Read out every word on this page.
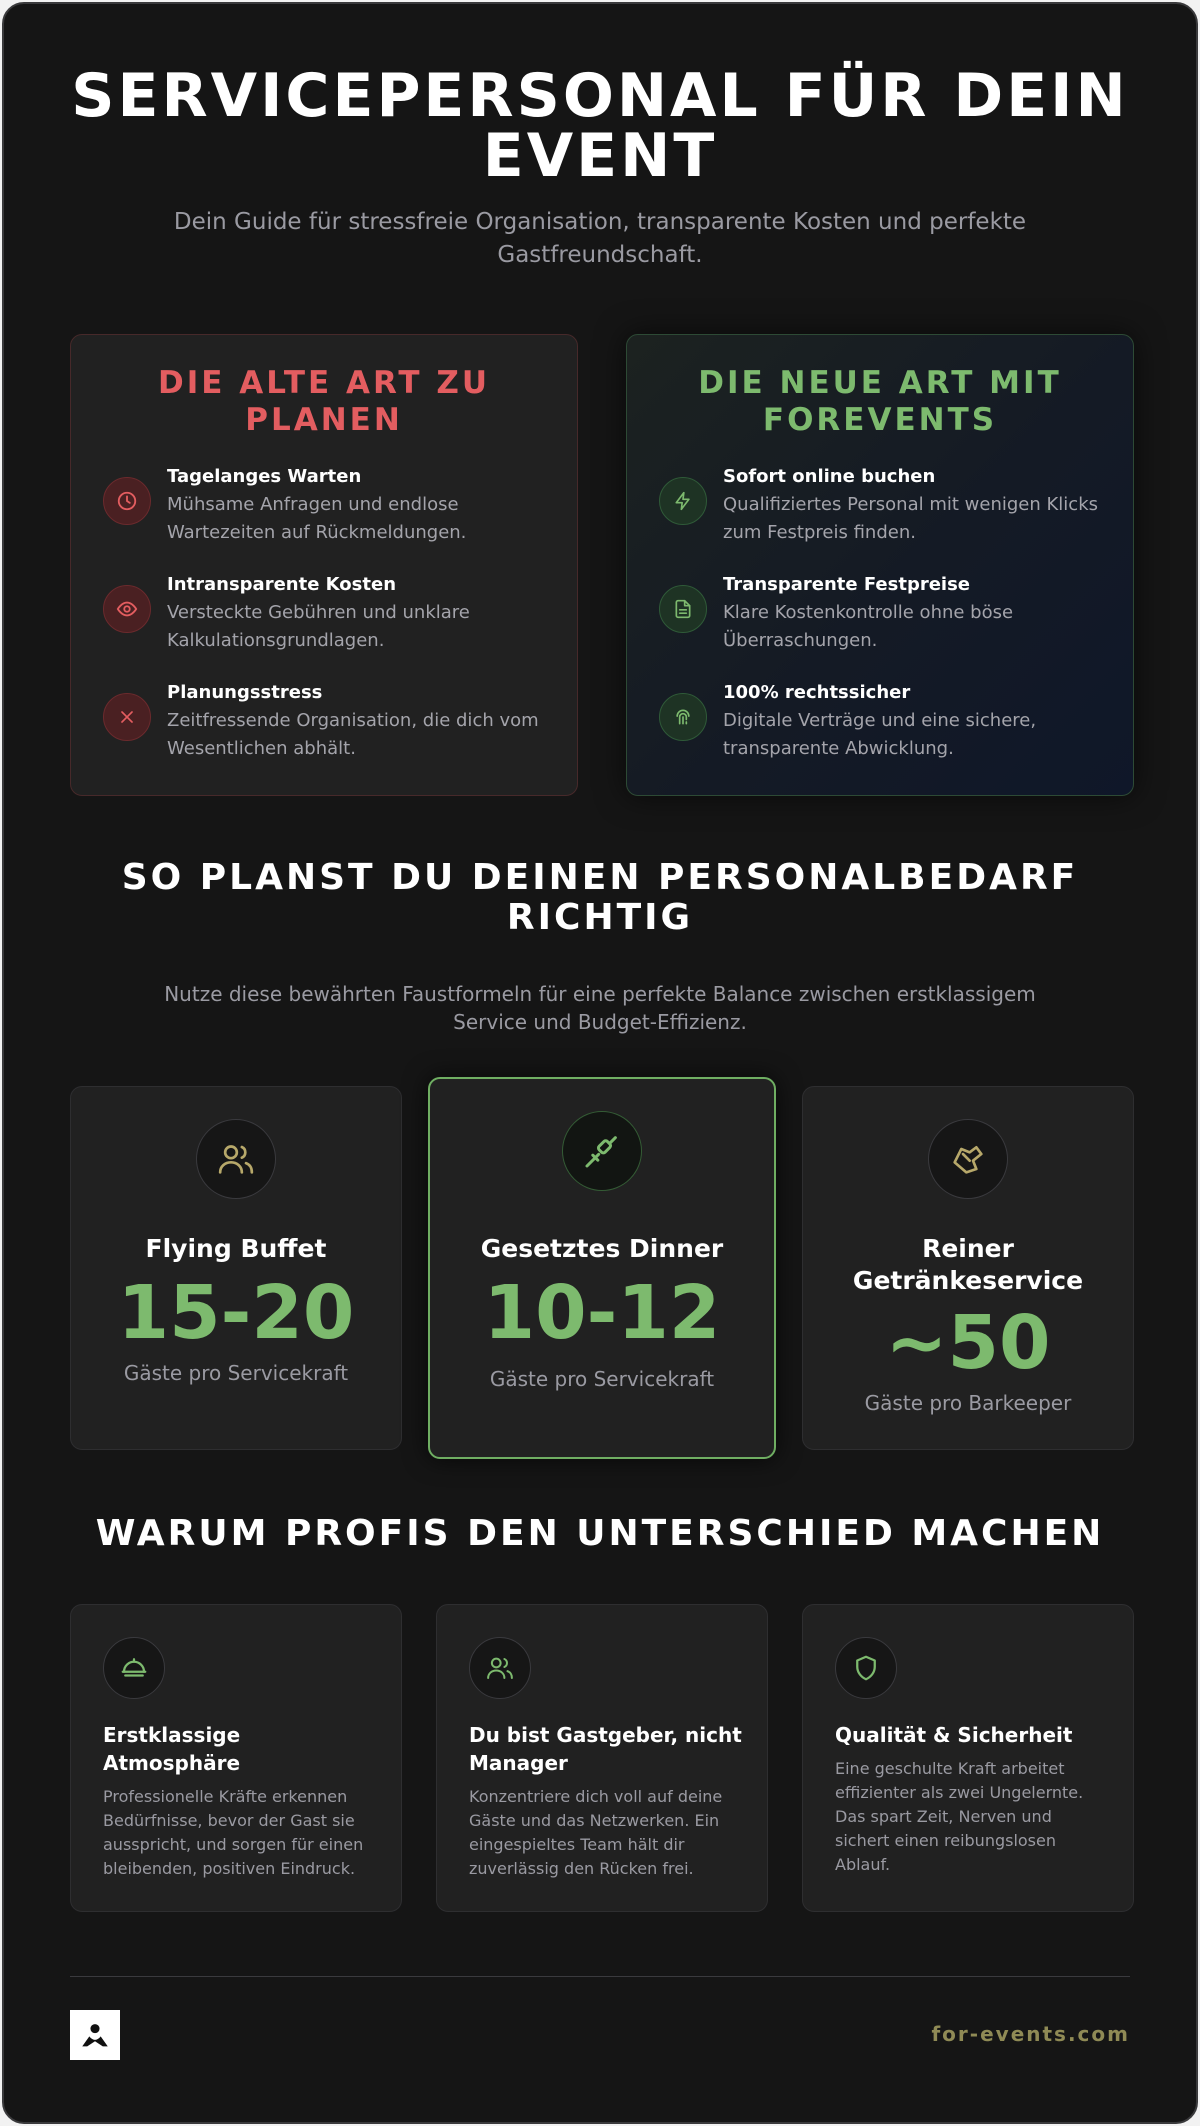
SERVICEPERSONAL FÜR DEIN EVENT
Dein Guide für stressfreie Organisation, transparente Kosten und perfekte Gastfreundschaft.
DIE ALTE ART ZU PLANEN
Tagelanges Warten
Mühsame Anfragen und endlose Wartezeiten auf Rückmeldungen.
Intransparente Kosten
Versteckte Gebühren und unklare Kalkulationsgrundlagen.
Planungsstress
Zeitfressende Organisation, die dich vom Wesentlichen abhält.
DIE NEUE ART MIT FOREVENTS
Sofort online buchen
Qualifiziertes Personal mit wenigen Klicks zum Festpreis finden.
Transparente Festpreise
Klare Kostenkontrolle ohne böse Überraschungen.
100% rechtssicher
Digitale Verträge und eine sichere, transparente Abwicklung.
SO PLANST DU DEINEN PERSONALBEDARF RICHTIG
Nutze diese bewährten Faustformeln für eine perfekte Balance zwischen erstklassigem Service und Budget-Effizienz.
Flying Buffet
15-20
Gäste pro Servicekraft
Gesetztes Dinner
10-12
Gäste pro Servicekraft
Reiner Getränkeservice
~50
Gäste pro Barkeeper
WARUM PROFIS DEN UNTERSCHIED MACHEN
Erstklassige Atmosphäre
Professionelle Kräfte erkennen Bedürfnisse, bevor der Gast sie ausspricht, und sorgen für einen bleibenden, positiven Eindruck.
Du bist Gastgeber, nicht Manager
Konzentriere dich voll auf deine Gäste und das Netzwerken. Ein eingespieltes Team hält dir zuverlässig den Rücken frei.
Qualität & Sicherheit
Eine geschulte Kraft arbeitet effizienter als zwei Ungelernte. Das spart Zeit, Nerven und sichert einen reibungslosen Ablauf.
for-events.com
